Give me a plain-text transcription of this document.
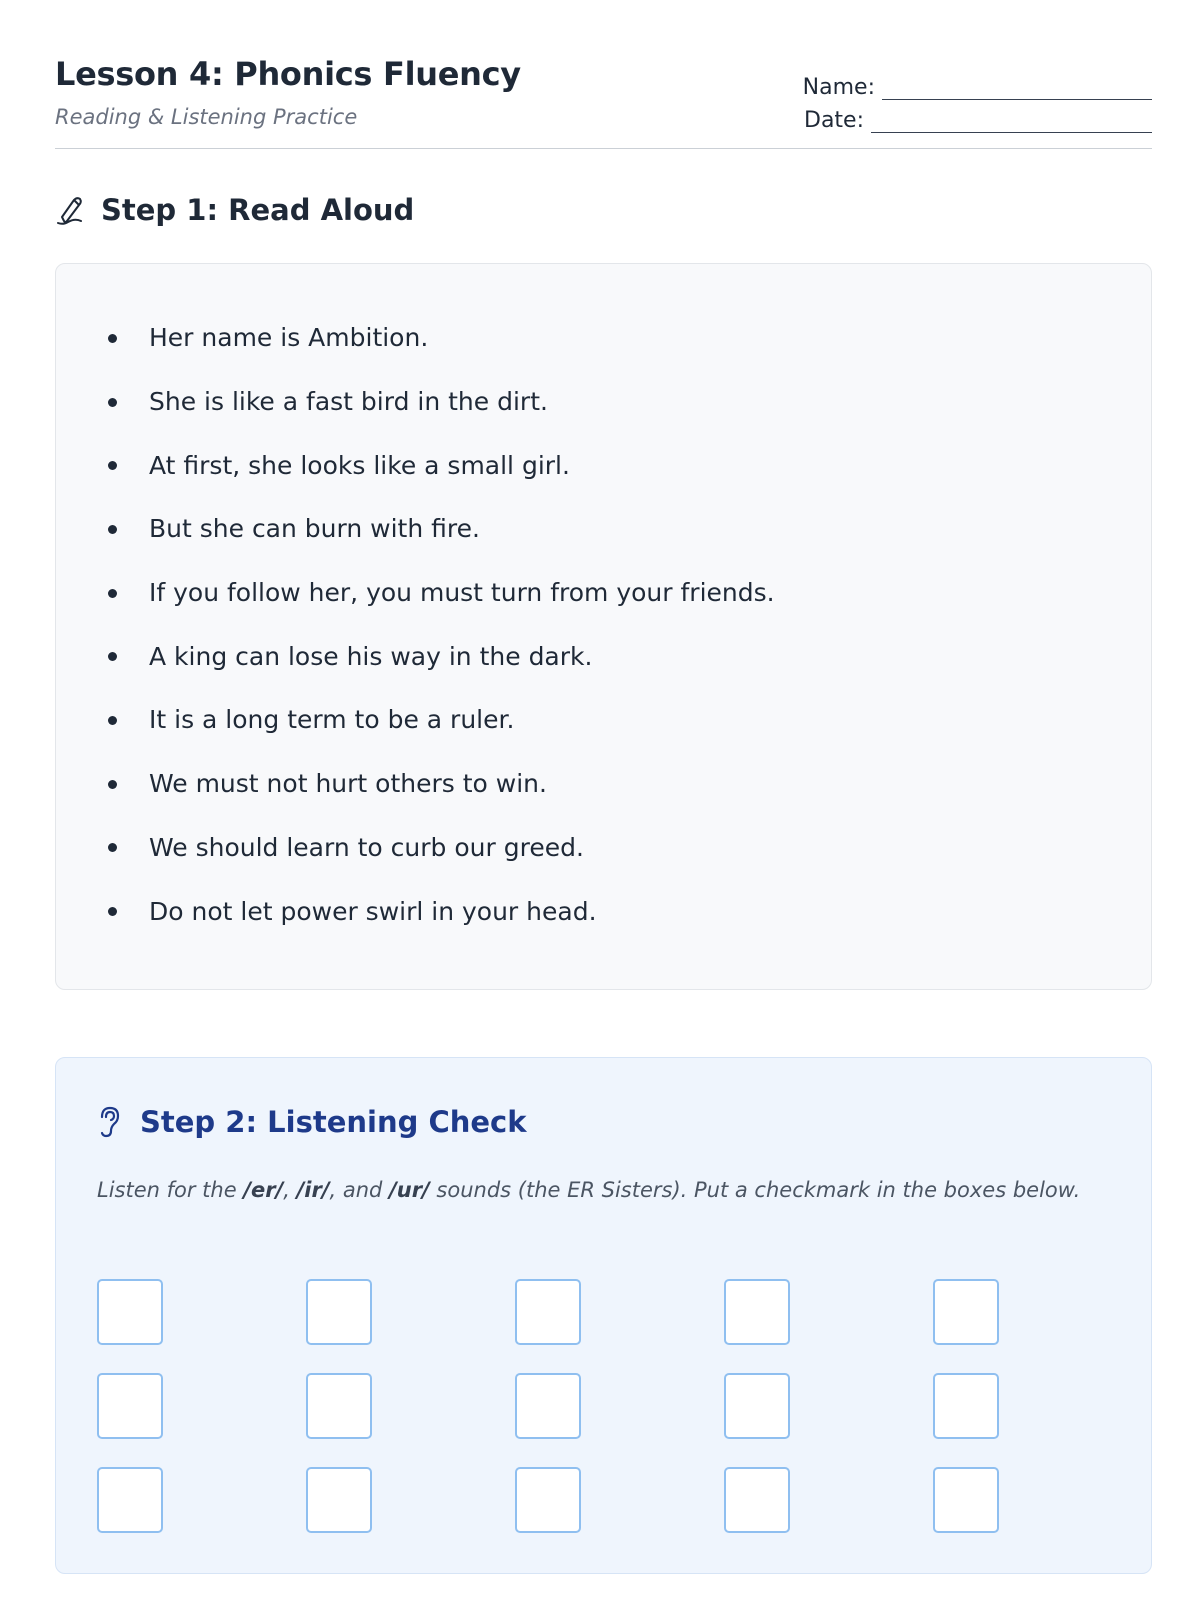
Lesson 4: Phonics Fluency
Reading & Listening Practice
Name:
Date:
Step 1: Read Aloud
Her name is Ambition.
She is like a fast bird in the dirt.
At first, she looks like a small girl.
But she can burn with fire.
If you follow her, you must turn from your friends.
A king can lose his way in the dark.
It is a long term to be a ruler.
We must not hurt others to win.
We should learn to curb our greed.
Do not let power swirl in your head.
Step 2: Listening Check
Listen for the /er/, /ir/, and /ur/ sounds (the ER Sisters). Put a checkmark in the boxes below.
